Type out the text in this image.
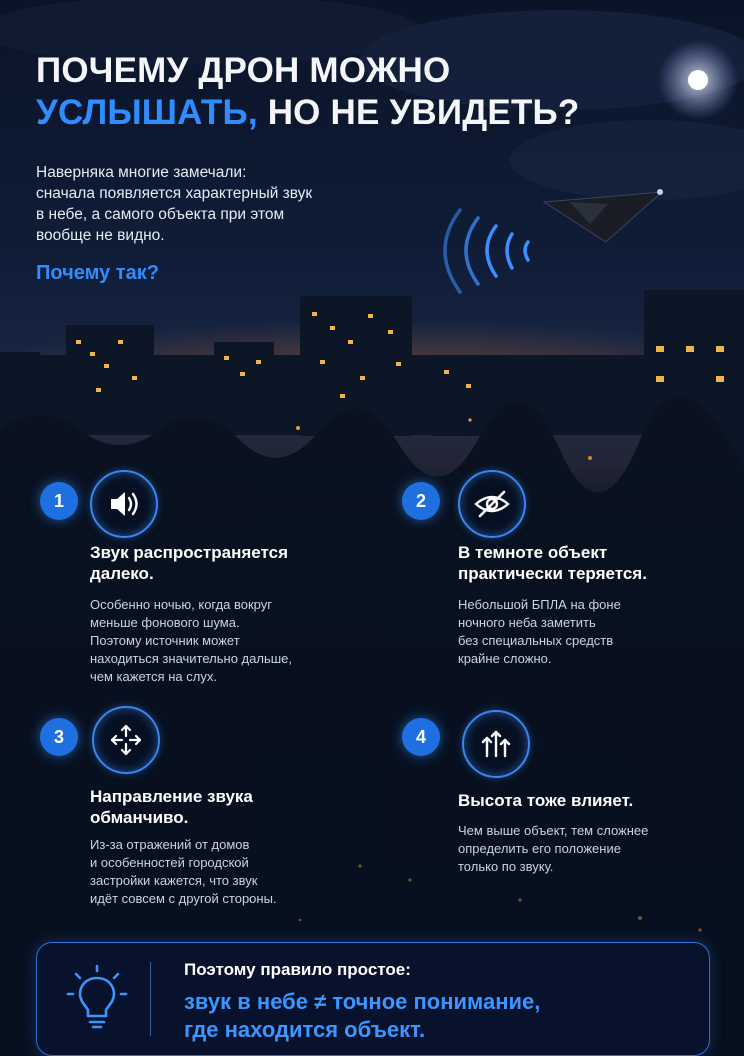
ПОЧЕМУ ДРОН МОЖНО
УСЛЫШАТЬ, НО НЕ УВИДЕТЬ?
Наверняка многие замечали:
сначала появляется характерный звук
в небе, а самого объекта при этом
вообще не видно.
Почему так?
1
Звук распространяется
далеко.
Особенно ночью, когда вокруг
меньше фонового шума.
Поэтому источник может
находиться значительно дальше,
чем кажется на слух.
2
В темноте объект
практически теряется.
Небольшой БПЛА на фоне
ночного неба заметить
без специальных средств
крайне сложно.
3
Направление звука
обманчиво.
Из-за отражений от домов
и особенностей городской
застройки кажется, что звук
идёт совсем с другой стороны.
4
Высота тоже влияет.
Чем выше объект, тем сложнее
определить его положение
только по звуку.
Поэтому правило простое:
звук в небе ≠ точное понимание,
где находится объект.
